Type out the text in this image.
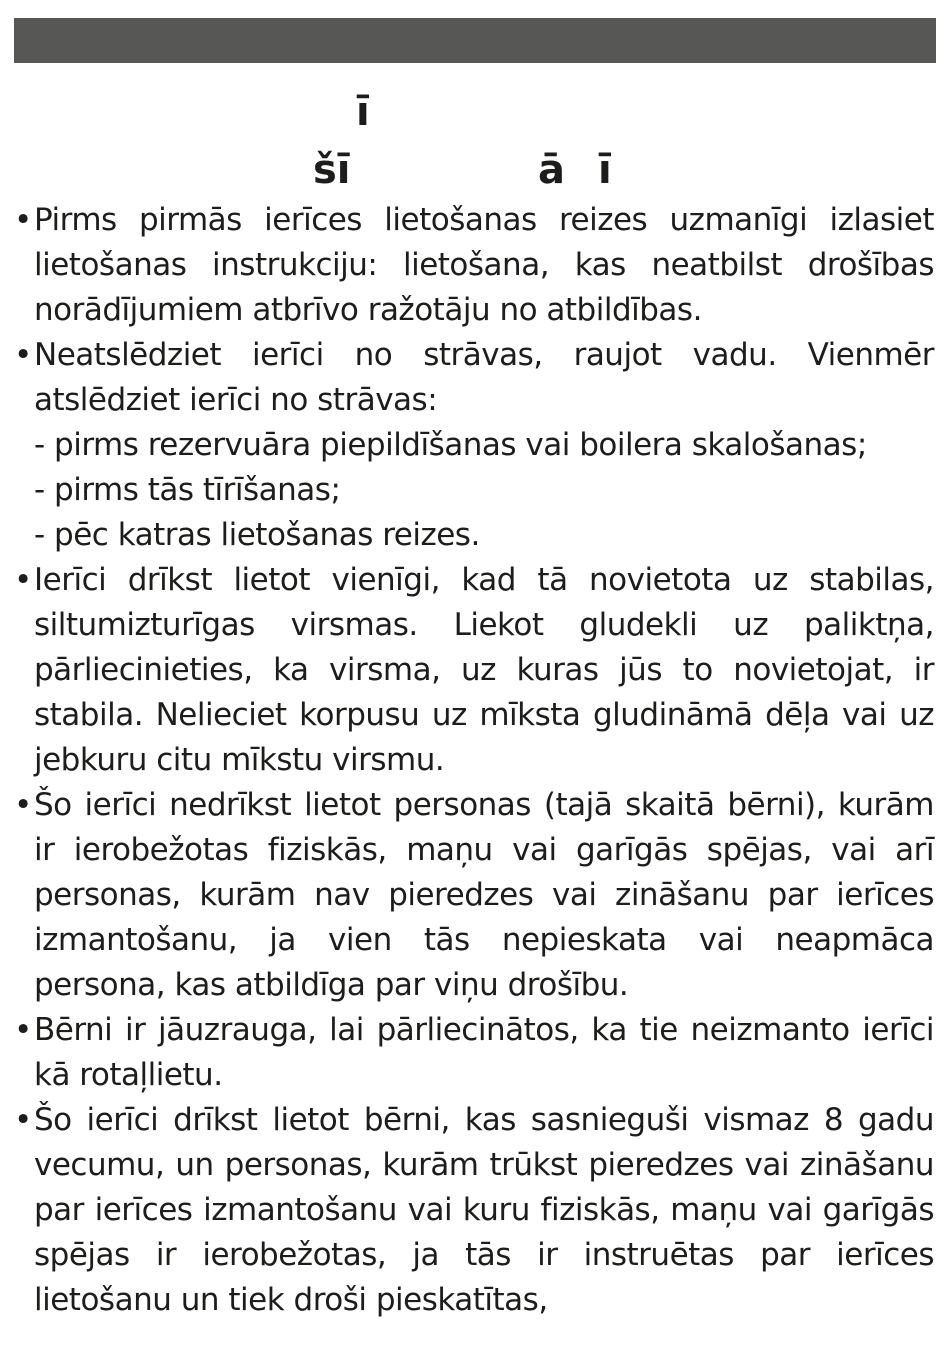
ī
šī	ā ī
• Pirms pirmās ierīces lietošanas reizes uzmanīgi izlasiet lietošanas instrukciju: lietošana, kas neatbilst drošības norādījumiem atbrīvo ražotāju no atbildības.
• Neatslēdziet ierīci no strāvas, raujot vadu. Vienmēr
atslēdziet ierīci no strāvas:
- pirms rezervuāra piepildīšanas vai boilera skalošanas;
- pirms tās tīrīšanas;
- pēc katras lietošanas reizes.
• Ierīci drīkst lietot vienīgi, kad tā novietota uz stabilas, siltumizturīgas virsmas. Liekot gludekli uz paliktņa, pārliecinieties, ka virsma, uz kuras jūs to novietojat, ir stabila. Nelieciet korpusu uz mīksta gludināmā dēļa vai uz jebkuru citu mīkstu virsmu.
• Šo ierīci nedrīkst lietot personas (tajā skaitā bērni), kurām ir ierobežotas fiziskās, maņu vai garīgās spējas, vai arī personas, kurām nav pieredzes vai zināšanu par ierīces izmantošanu, ja vien tās nepieskata vai neapmāca persona, kas atbildīga par viņu drošību.
• Bērni ir jāuzrauga, lai pārliecinātos, ka tie neizmanto ierīci kā rotaļlietu.
• Šo ierīci drīkst lietot bērni, kas sasnieguši vismaz 8 gadu vecumu, un personas, kurām trūkst pieredzes vai zināšanu par ierīces izmantošanu vai kuru fiziskās, maņu vai garīgās spējas ir ierobežotas, ja tās ir instruētas par ierīces lietošanu un tiek droši pieskatītas,
